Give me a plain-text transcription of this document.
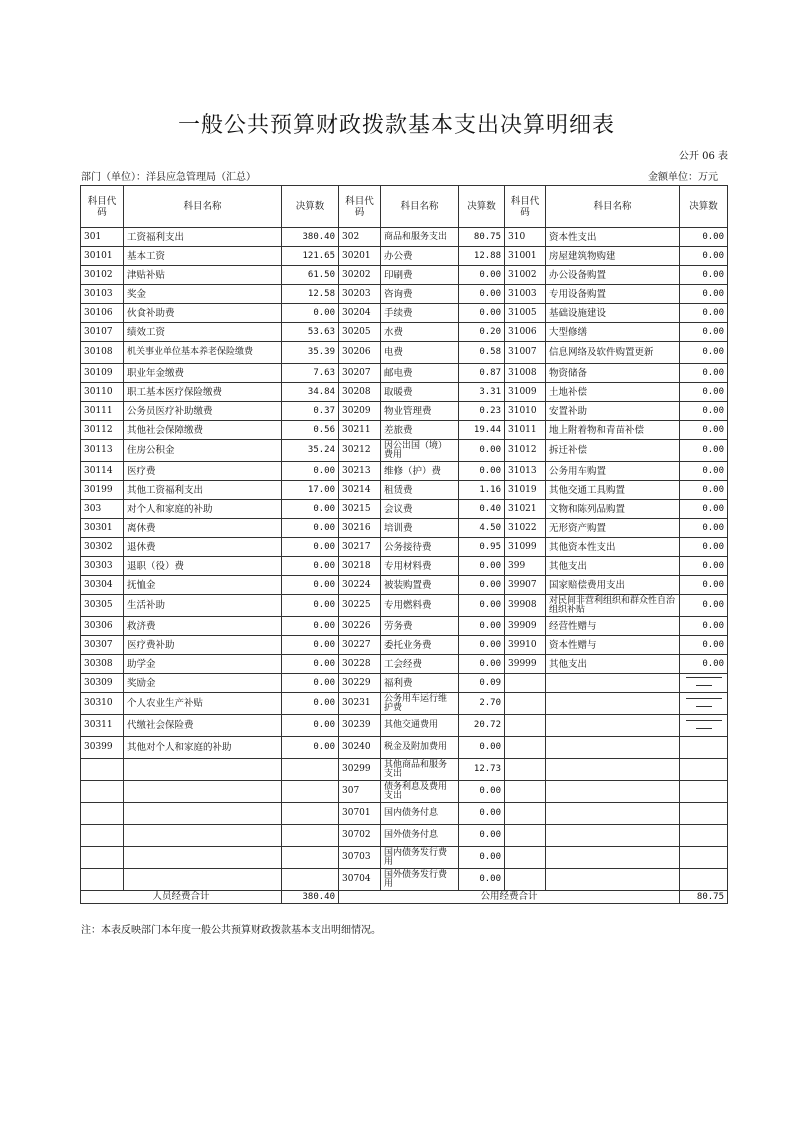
一般公共预算财政拨款基本支出决算明细表
公开 06 表
部门（单位）：洋县应急管理局（汇总）	金额单位：万元
科目代码	科目名称	决算数	科目代码	科目名称	决算数	科目代码	科目名称	决算数
301	工资福利支出	380.40	302	商品和服务支出	80.75	310	资本性支出	0.00
30101	基本工资	121.65	30201	办公费	12.88	31001	房屋建筑物购建	0.00
30102	津贴补贴	61.50	30202	印刷费	0.00	31002	办公设备购置	0.00
30103	奖金	12.58	30203	咨询费	0.00	31003	专用设备购置	0.00
30106	伙食补助费	0.00	30204	手续费	0.00	31005	基础设施建设	0.00
30107	绩效工资	53.63	30205	水费	0.20	31006	大型修缮	0.00
30108	机关事业单位基本养老保险缴费	35.39	30206	电费	0.58	31007	信息网络及软件购置更新	0.00
30109	职业年金缴费	7.63	30207	邮电费	0.87	31008	物资储备	0.00
30110	职工基本医疗保险缴费	34.84	30208	取暖费	3.31	31009	土地补偿	0.00
30111	公务员医疗补助缴费	0.37	30209	物业管理费	0.23	31010	安置补助	0.00
30112	其他社会保障缴费	0.56	30211	差旅费	19.44	31011	地上附着物和青苗补偿	0.00
30113	住房公积金	35.24	30212	因公出国（境）费用	0.00	31012	拆迁补偿	0.00
30114	医疗费	0.00	30213	维修（护）费	0.00	31013	公务用车购置	0.00
30199	其他工资福利支出	17.00	30214	租赁费	1.16	31019	其他交通工具购置	0.00
303	对个人和家庭的补助	0.00	30215	会议费	0.40	31021	文物和陈列品购置	0.00
30301	离休费	0.00	30216	培训费	4.50	31022	无形资产购置	0.00
30302	退休费	0.00	30217	公务接待费	0.95	31099	其他资本性支出	0.00
30303	退职（役）费	0.00	30218	专用材料费	0.00	399	其他支出	0.00
30304	抚恤金	0.00	30224	被装购置费	0.00	39907	国家赔偿费用支出	0.00
30305	生活补助	0.00	30225	专用燃料费	0.00	39908	对民间非营利组织和群众性自治组织补贴	0.00
30306	救济费	0.00	30226	劳务费	0.00	39909	经营性赠与	0.00
30307	医疗费补助	0.00	30227	委托业务费	0.00	39910	资本性赠与	0.00
30308	助学金	0.00	30228	工会经费	0.00	39999	其他支出	0.00
30309	奖励金	0.00	30229	福利费	0.09			
30310	个人农业生产补贴	0.00	30231	公务用车运行维护费	2.70			
30311	代缴社会保险费	0.00	30239	其他交通费用	20.72			
30399	其他对个人和家庭的补助	0.00	30240	税金及附加费用	0.00			
			30299	其他商品和服务支出	12.73			
			307	债务利息及费用支出	0.00			
			30701	国内债务付息	0.00			
			30702	国外债务付息	0.00			
			30703	国内债务发行费用	0.00			
			30704	国外债务发行费用	0.00			
人员经费合计		380.40	公用经费合计					80.75
注：本表反映部门本年度一般公共预算财政拨款基本支出明细情况。
